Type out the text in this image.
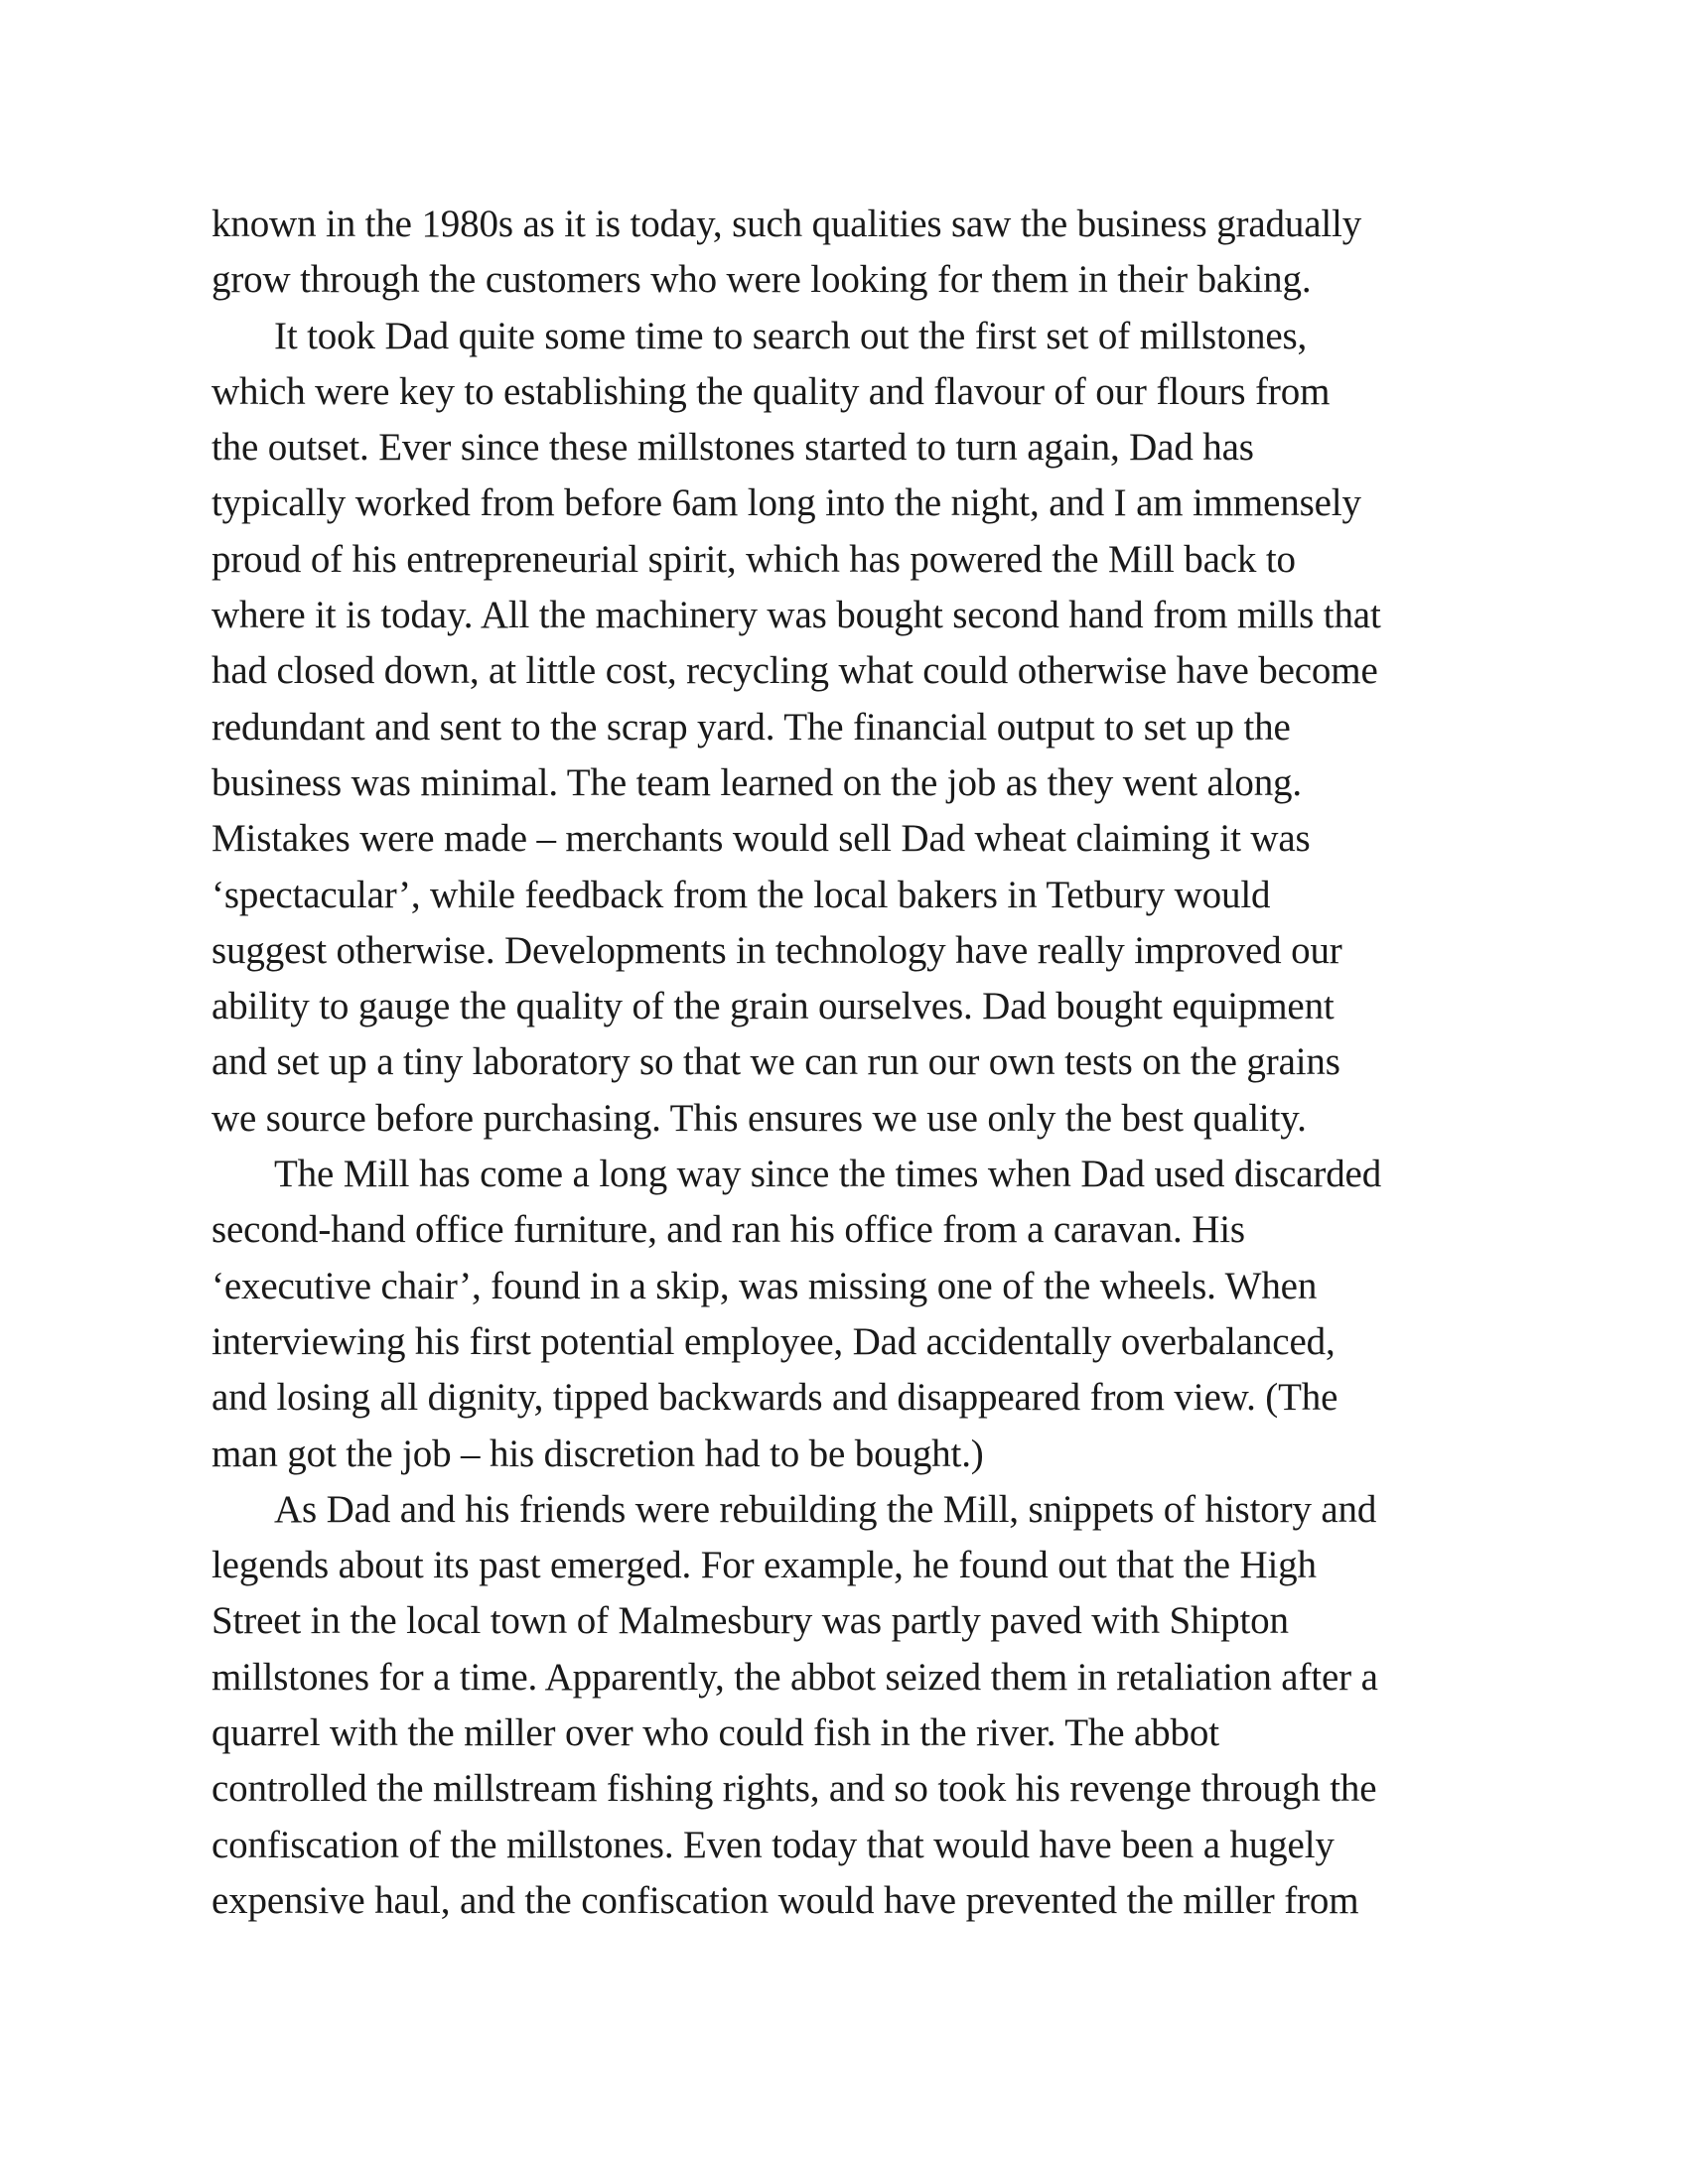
known in the 1980s as it is today, such qualities saw the business gradually
grow through the customers who were looking for them in their baking.
It took Dad quite some time to search out the first set of millstones,
which were key to establishing the quality and flavour of our flours from
the outset. Ever since these millstones started to turn again, Dad has
typically worked from before 6am long into the night, and I am immensely
proud of his entrepreneurial spirit, which has powered the Mill back to
where it is today. All the machinery was bought second hand from mills that
had closed down, at little cost, recycling what could otherwise have become
redundant and sent to the scrap yard. The financial output to set up the
business was minimal. The team learned on the job as they went along.
Mistakes were made – merchants would sell Dad wheat claiming it was
‘spectacular’, while feedback from the local bakers in Tetbury would
suggest otherwise. Developments in technology have really improved our
ability to gauge the quality of the grain ourselves. Dad bought equipment
and set up a tiny laboratory so that we can run our own tests on the grains
we source before purchasing. This ensures we use only the best quality.
The Mill has come a long way since the times when Dad used discarded
second-hand office furniture, and ran his office from a caravan. His
‘executive chair’, found in a skip, was missing one of the wheels. When
interviewing his first potential employee, Dad accidentally overbalanced,
and losing all dignity, tipped backwards and disappeared from view. (The
man got the job – his discretion had to be bought.)
As Dad and his friends were rebuilding the Mill, snippets of history and
legends about its past emerged. For example, he found out that the High
Street in the local town of Malmesbury was partly paved with Shipton
millstones for a time. Apparently, the abbot seized them in retaliation after a
quarrel with the miller over who could fish in the river. The abbot
controlled the millstream fishing rights, and so took his revenge through the
confiscation of the millstones. Even today that would have been a hugely
expensive haul, and the confiscation would have prevented the miller from
